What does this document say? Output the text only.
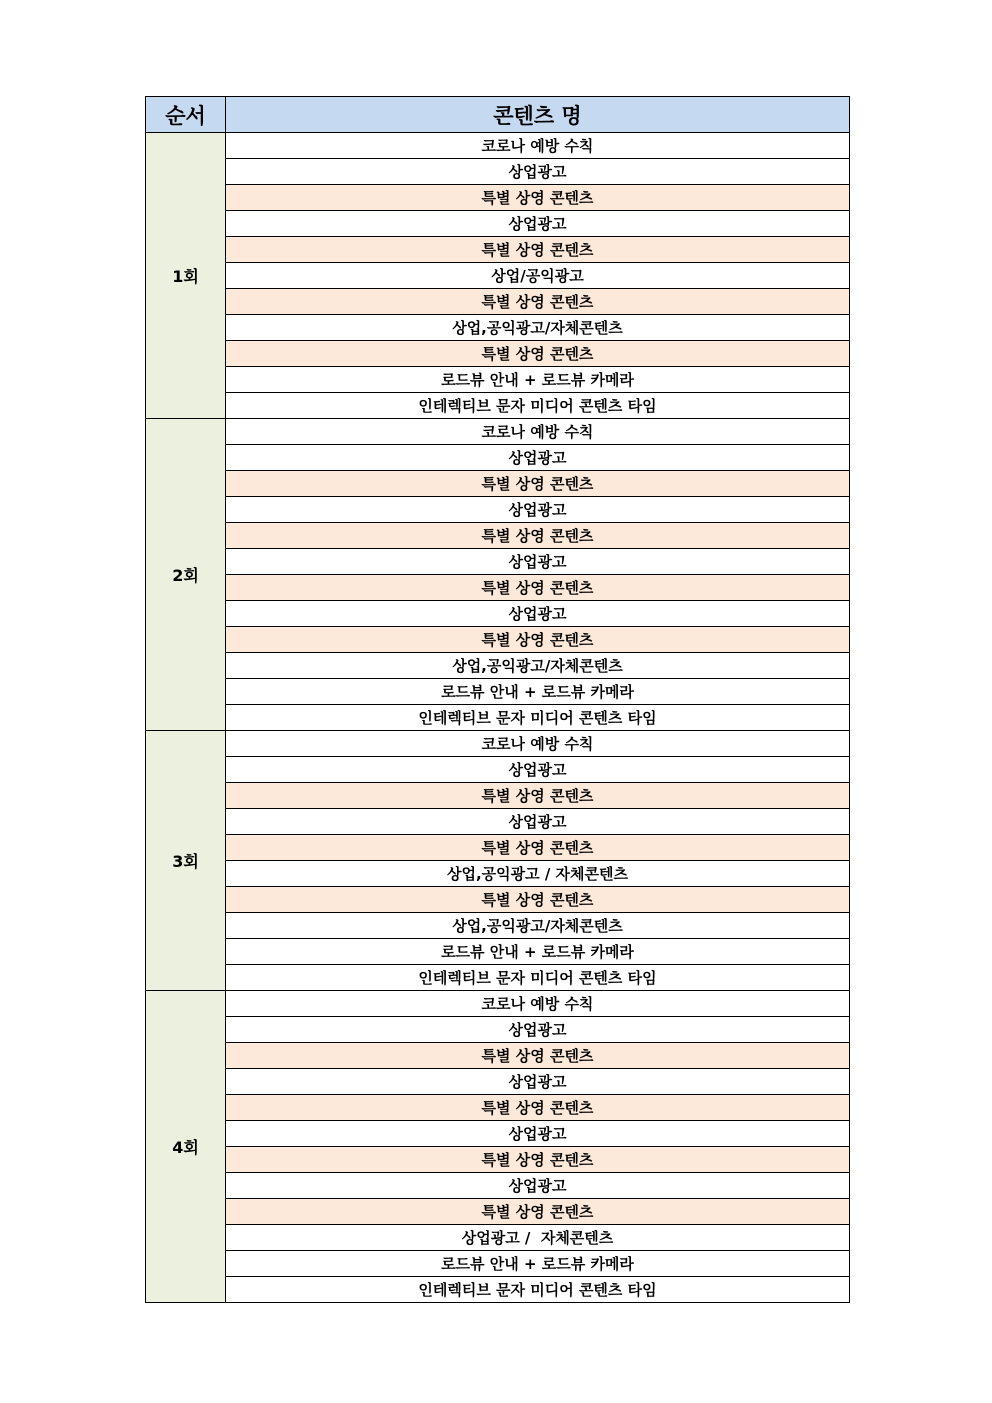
순서	콘텐츠 명
1회	코로나 예방 수칙
	상업광고
	특별 상영 콘텐츠
	상업광고
	특별 상영 콘텐츠
	상업/공익광고
	특별 상영 콘텐츠
	상업,공익광고/자체콘텐츠
	특별 상영 콘텐츠
	로드뷰 안내 + 로드뷰 카메라
	인테렉티브 문자 미디어 콘텐츠 타임
2회	코로나 예방 수칙
	상업광고
	특별 상영 콘텐츠
	상업광고
	특별 상영 콘텐츠
	상업광고
	특별 상영 콘텐츠
	상업광고
	특별 상영 콘텐츠
	상업,공익광고/자체콘텐츠
	로드뷰 안내 + 로드뷰 카메라
	인테렉티브 문자 미디어 콘텐츠 타임
3회	코로나 예방 수칙
	상업광고
	특별 상영 콘텐츠
	상업광고
	특별 상영 콘텐츠
	상업,공익광고 / 자체콘텐츠
	특별 상영 콘텐츠
	상업,공익광고/자체콘텐츠
	로드뷰 안내 + 로드뷰 카메라
	인테렉티브 문자 미디어 콘텐츠 타임
4회	코로나 예방 수칙
	상업광고
	특별 상영 콘텐츠
	상업광고
	특별 상영 콘텐츠
	상업광고
	특별 상영 콘텐츠
	상업광고
	특별 상영 콘텐츠
	상업광고 /  자체콘텐츠
	로드뷰 안내 + 로드뷰 카메라
	인테렉티브 문자 미디어 콘텐츠 타임
